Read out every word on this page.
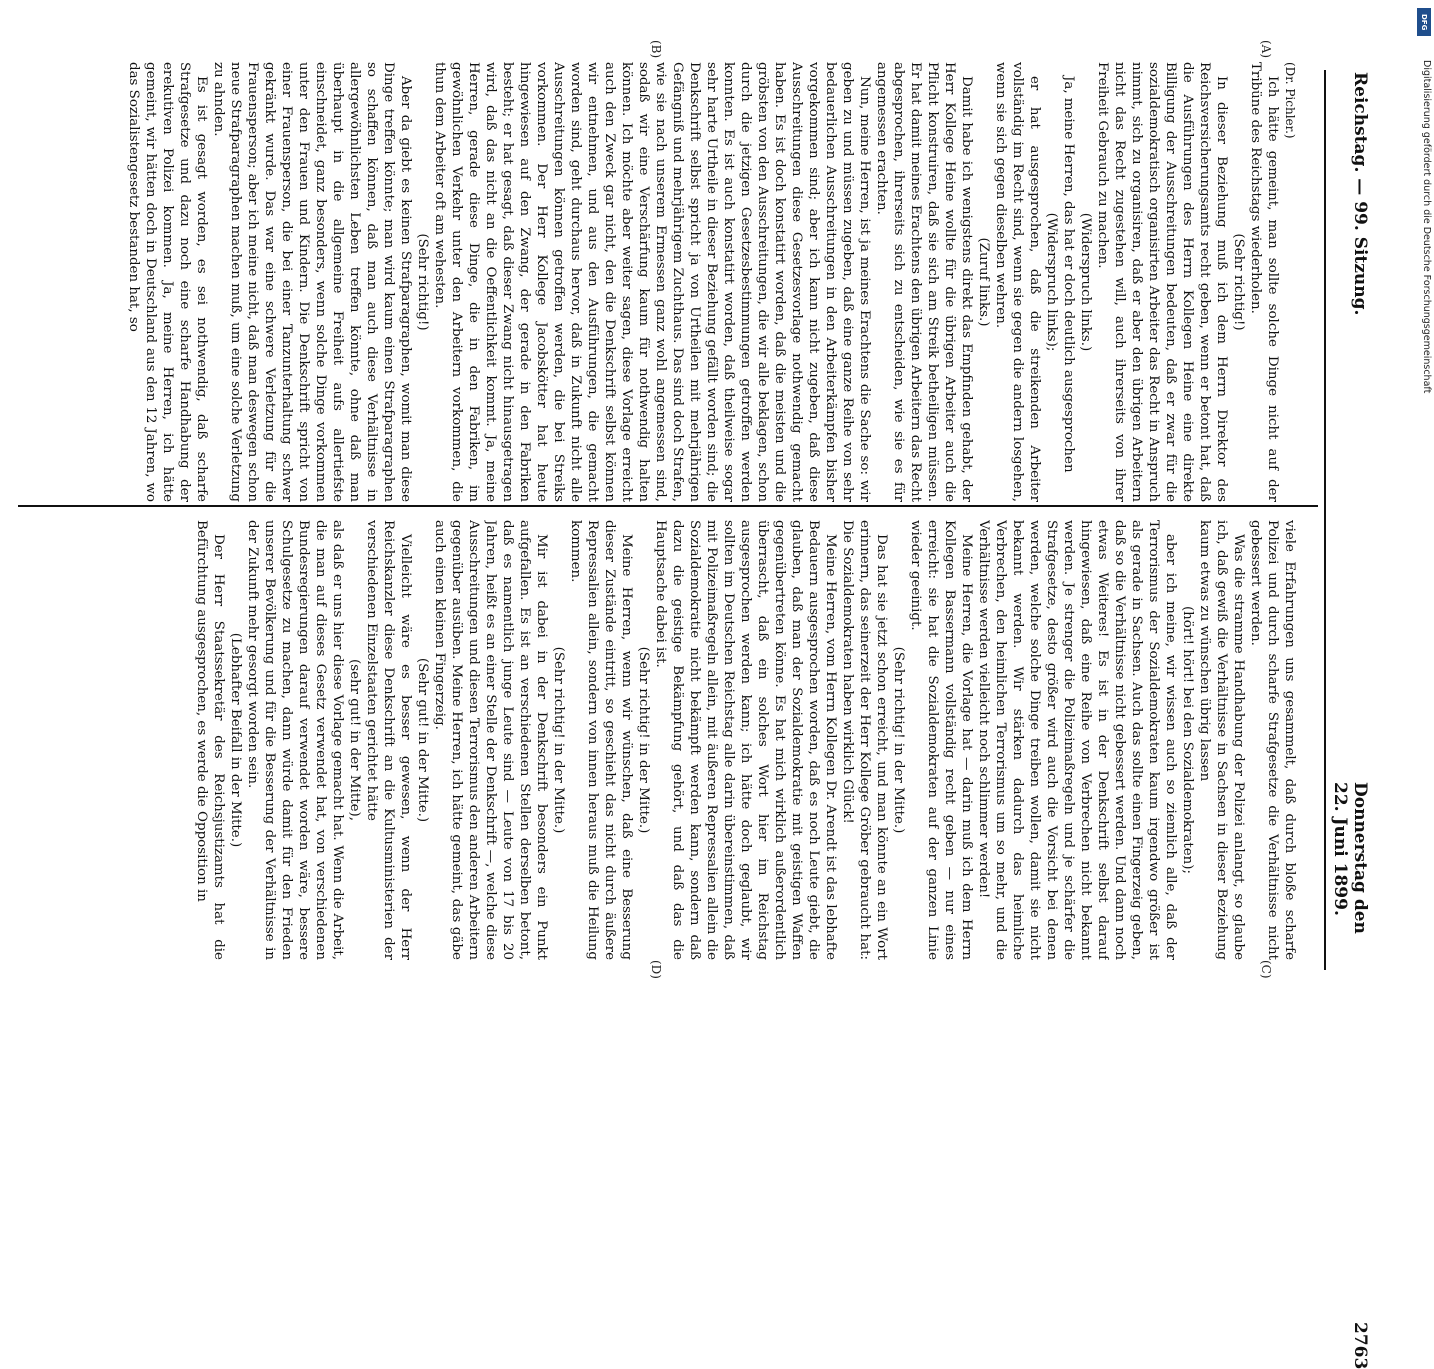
Reichstag. — 99. Sitzung.
Donnerstag den 22. Juni 1899.
2763
(A)
(B)
(C)
(D)

(Dr. Pichler.)

Ich hätte gemeint, man sollte solche Dinge nicht auf der Tribüne des Reichstags wiederholen.

(Sehr richtig!)

In dieser Beziehung muß ich dem Herrn Direktor des Reichsversicherungsamts recht geben, wenn er betont hat, daß die Ausführungen des Herrn Kollegen Heine eine direkte Billigung der Ausschreitungen bedeuten, daß er zwar für die sozialdemokratisch organisirten Arbeiter das Recht in Anspruch nimmt, sich zu organisiren, daß er aber den übrigen Arbeitern nicht das Recht zugestehen will, auch ihrerseits von ihrer Freiheit Gebrauch zu machen.

(Widerspruch links.)

Ja, meine Herren, das hat er doch deutlich ausgesprochen

(Widerspruch links);

er hat ausgesprochen, daß die streikenden Arbeiter vollständig im Recht sind, wenn sie gegen die andern losgehen, wenn sie sich gegen dieselben wehren.

(Zuruf links.)

Damit habe ich wenigstens direkt das Empfinden gehabt, der Herr Kollege Heine wollte für die übrigen Arbeiter auch die Pflicht konstruiren, daß sie sich am Streik betheiligen müssen. Er hat damit meines Erachtens den übrigen Arbeitern das Recht abgesprochen, ihrerseits sich zu entscheiden, wie sie es für angemessen erachten.

Nun, meine Herren, ist ja meines Erachtens die Sache so: wir geben zu und müssen zugeben, daß eine ganze Reihe von sehr bedauerlichen Ausschreitungen in den Arbeiterkämpfen bisher vorgekommen sind; aber ich kann nicht zugeben, daß diese Ausschreitungen diese Gesetzesvorlage nothwendig gemacht haben. Es ist doch konstatirt worden, daß die meisten und die gröbsten von den Ausschreitungen, die wir alle beklagen, schon durch die jetzigen Gesetzesbestimmungen getroffen werden konnten. Es ist auch konstatirt worden, daß theilweise sogar sehr harte Urtheile in dieser Beziehung gefällt worden sind; die Denkschrift selbst spricht ja von Urtheilen mit mehrjährigen Gefängniß und mehrjährigem Zuchthaus. Das sind doch Strafen, wie sie nach unserem Ermessen ganz wohl angemessen sind, sodaß wir eine Verschärfung kaum für nothwendig halten können. Ich möchte aber weiter sagen, diese Vorlage erreicht auch den Zweck gar nicht, den die Denkschrift selbst können wir entnehmen, und aus den Ausführungen, die gemacht worden sind, geht durchaus hervor, daß in Zukunft nicht alle Ausschreitungen können getroffen werden, die bei Streiks vorkommen. Der Herr Kollege Jacobskötter hat heute hingewiesen auf den Zwang, der gerade in den Fabriken besteht; er hat gesagt, daß dieser Zwang nicht hinausgetragen wird, daß das nicht an die Oeffentlichkeit kommt. Ja, meine Herren, gerade diese Dinge, die in den Fabriken, im gewöhnlichen Verkehr unter den Arbeitern vorkommen, die thun dem Arbeiter oft am wehesten.

(Sehr richtig!)

Aber da giebt es keinen Strafparagraphen, womit man diese Dinge treffen könnte; man wird kaum einen Strafparagraphen so schaffen können, daß man auch diese Verhältnisse in allergewöhnlichsten Leben treffen könnte, ohne daß man überhaupt in die allgemeine Freiheit aufs allertiefste einschneidet, ganz besonders, wenn solche Dinge vorkommen unter den Frauen und Kindern. Die Denkschrift spricht von einer Frauensperson, die bei einer Tanzunterhaltung schwer gekränkt wurde. Das war eine schwere Verletzung für die Frauensperson; aber ich meine nicht, daß man deswegen schon neue Strafparagraphen machen muß, um eine solche Verletzung zu ahnden.

Es ist gesagt worden, es sei nothwendig, daß scharfe Strafgesetze und dazu noch eine scharfe Handhabung der erekutiven Polizei kommen. Ja, meine Herren, ich hätte gemeint, wir hätten doch in Deutschland aus den 12 Jahren, wo das Sozialistengesetz bestanden hat, so

viele Erfahrungen uns gesammelt, daß durch bloße scharfe Polizei und durch scharfe Strafgesetze die Verhältnisse nicht gebessert werden.

Was die stramme Handhabung der Polizei anlangt, so glaube ich, daß gewiß die Verhältnisse in Sachsen in dieser Beziehung kaum etwas zu wünschen übrig lassen

(hört! hört! bei den Sozialdemokraten);

aber ich meine, wir wissen auch so ziemlich alle, daß der Terrorismus der Sozialdemokraten kaum irgendwo größer ist als gerade in Sachsen. Auch das sollte einen Fingerzeig geben, daß so die Verhältnisse nicht gebessert werden. Und dann noch etwas Weiteres! Es ist in der Denkschrift selbst darauf hingewiesen, daß eine Reihe von Verbrechen nicht bekannt werden. Je strenger die Polizeimaßregeln und je schärfer die Strafgesetze, desto größer wird auch die Vorsicht bei denen werden, welche solche Dinge treiben wollen, damit sie nicht bekannt werden. Wir stärken dadurch das heimliche Verbrechen, den heimlichen Terrorismus um so mehr, und die Verhältnisse werden vielleicht noch schlimmer werden!

Meine Herren, die Vorlage hat — darin muß ich dem Herrn Kollegen Bassermann vollständig recht geben — nur eines erreicht: sie hat die Sozialdemokraten auf der ganzen Linie wieder geeinigt.

(Sehr richtig! in der Mitte.)

Das hat sie jetzt schon erreicht, und man könnte an ein Wort erinnern, das seinerzeit der Herr Kollege Gröber gebraucht hat: Die Sozialdemokraten haben wirklich Glück!

Meine Herren, vom Herrn Kollegen Dr. Arendt ist das lebhafte Bedauern ausgesprochen worden, daß es noch Leute giebt, die glauben, daß man der Sozialdemokratie mit geistigen Waffen gegenübertreten könne. Es hat mich wirklich außerordentlich überrascht, daß ein solches Wort hier im Reichstag ausgesprochen werden kann; ich hätte doch geglaubt, wir sollten im Deutschen Reichstag alle darin übereinstimmen, daß mit Polizeimaßregeln allein, mit äußeren Repressalien allein die Sozialdemokratie nicht bekämpft werden kann, sondern daß dazu die geistige Bekämpfung gehört, und daß das die Hauptsache dabei ist.

(Sehr richtig! in der Mitte.)

Meine Herren, wenn wir wünschen, daß eine Besserung dieser Zustände eintritt, so geschieht das nicht durch äußere Repressalien allein, sondern von innen heraus muß die Heilung kommen.

(Sehr richtig! in der Mitte.)

Mir ist dabei in der Denkschrift besonders ein Punkt aufgefallen. Es ist an verschiedenen Stellen derselben betont, daß es namentlich junge Leute sind — Leute von 17 bis 20 Jahren, heißt es an einer Stelle der Denkschrift —, welche diese Ausschreitungen und diesen Terrorismus den anderen Arbeitern gegenüber ausüben. Meine Herren, ich hätte gemeint, das gäbe auch einen kleinen Fingerzeig.

(Sehr gut! in der Mitte.)

Vielleicht wäre es besser gewesen, wenn der Herr Reichskanzler diese Denkschrift an die Kultusministerien der verschiedenen Einzelstaaten gerichtet hätte

(sehr gut! in der Mitte),

als daß er uns hier diese Vorlage gemacht hat. Wenn die Arbeit, die man auf dieses Gesetz verwendet hat, von verschiedenen Bundesregierungen darauf verwendet worden wäre, bessere Schulgesetze zu machen, dann würde damit für den Frieden unserer Bevölkerung und für die Besserung der Verhältnisse in der Zukunft mehr gesorgt worden sein.

(Lebhafter Beifall in der Mitte.)

Der Herr Staatssekretär des Reichsjustizamts hat die Befürchtung ausgesprochen, es werde die Opposition in

DFG
Digitalisierung gefördert durch die Deutsche Forschungsgemeinschaft
